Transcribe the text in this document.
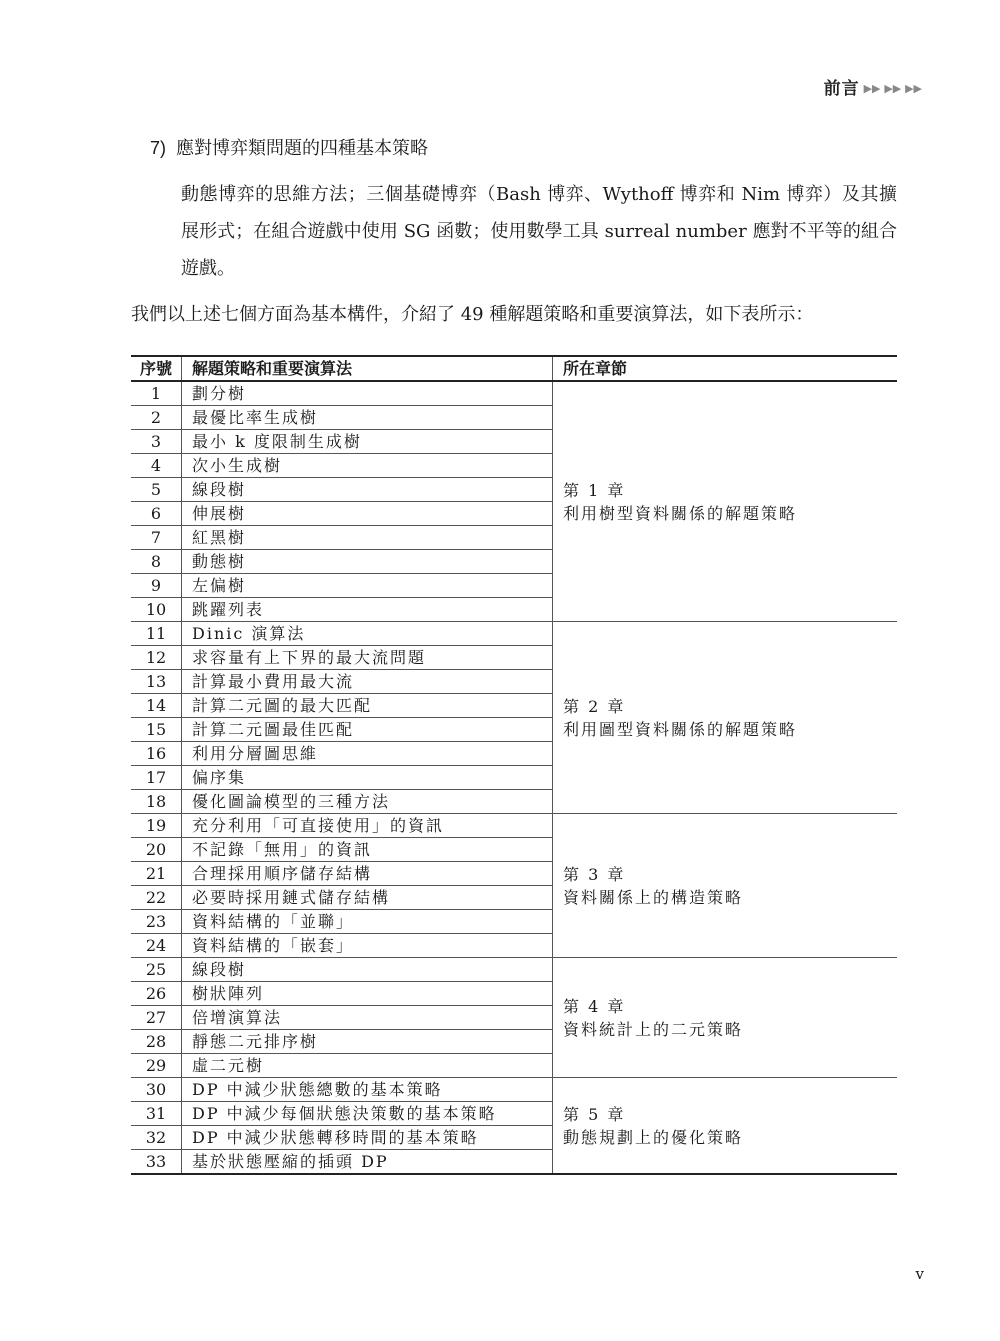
前言 ▶▶ ▶▶ ▶▶
7) 應對博弈類問題的四種基本策略
動態博弈的思維方法；三個基礎博弈（Bash 博弈、Wythoff 博弈和 Nim 博弈）及其擴展形式；在組合遊戲中使用 SG 函數；使用數學工具 surreal number 應對不平等的組合遊戲。
我們以上述七個方面為基本構件，介紹了 49 種解題策略和重要演算法，如下表所示：
序號	解題策略和重要演算法	所在章節
1	劃分樹	第 1 章
利用樹型資料關係的解題策略

2	最優比率生成樹	
3	最小 k 度限制生成樹	
4	次小生成樹	
5	線段樹	
6	伸展樹	
7	紅黑樹	
8	動態樹	
9	左偏樹	
10	跳躍列表	
11	Dinic 演算法	第 2 章
利用圖型資料關係的解題策略

12	求容量有上下界的最大流問題	
13	計算最小費用最大流	
14	計算二元圖的最大匹配	
15	計算二元圖最佳匹配	
16	利用分層圖思維	
17	偏序集	
18	優化圖論模型的三種方法	
19	充分利用「可直接使用」的資訊	第 3 章
資料關係上的構造策略

20	不記錄「無用」的資訊	
21	合理採用順序儲存結構	
22	必要時採用鏈式儲存結構	
23	資料結構的「並聯」	
24	資料結構的「嵌套」	
25	線段樹	第 4 章
資料統計上的二元策略

26	樹狀陣列	
27	倍增演算法	
28	靜態二元排序樹	
29	虛二元樹	
30	DP 中減少狀態總數的基本策略	第 5 章
動態規劃上的優化策略

31	DP 中減少每個狀態決策數的基本策略	
32	DP 中減少狀態轉移時間的基本策略	
33	基於狀態壓縮的插頭 DP	
v
